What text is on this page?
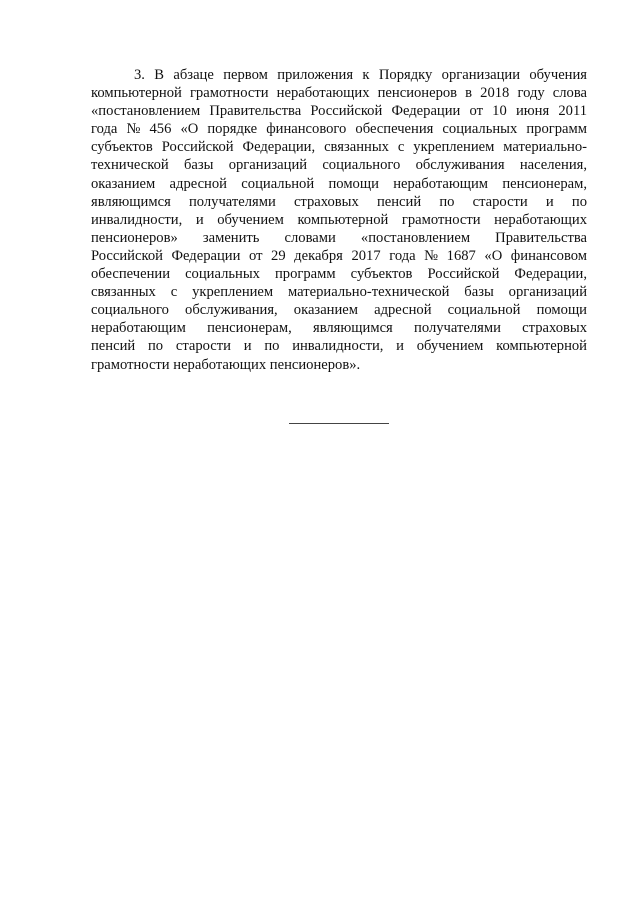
3. В абзаце первом приложения к Порядку организации обучения
компьютерной грамотности неработающих пенсионеров в 2018 году слова
«постановлением Правительства Российской Федерации от 10 июня 2011
года № 456 «О порядке финансового обеспечения социальных программ
субъектов Российской Федерации, связанных с укреплением материально-
технической базы организаций социального обслуживания населения,
оказанием адресной социальной помощи неработающим пенсионерам,
являющимся получателями страховых пенсий по старости и по
инвалидности, и обучением компьютерной грамотности неработающих
пенсионеров» заменить словами «постановлением Правительства
Российской Федерации от 29 декабря 2017 года № 1687 «О финансовом
обеспечении социальных программ субъектов Российской Федерации,
связанных с укреплением материально-технической базы организаций
социального обслуживания, оказанием адресной социальной помощи
неработающим пенсионерам, являющимся получателями страховых
пенсий по старости и по инвалидности, и обучением компьютерной
грамотности неработающих пенсионеров».
